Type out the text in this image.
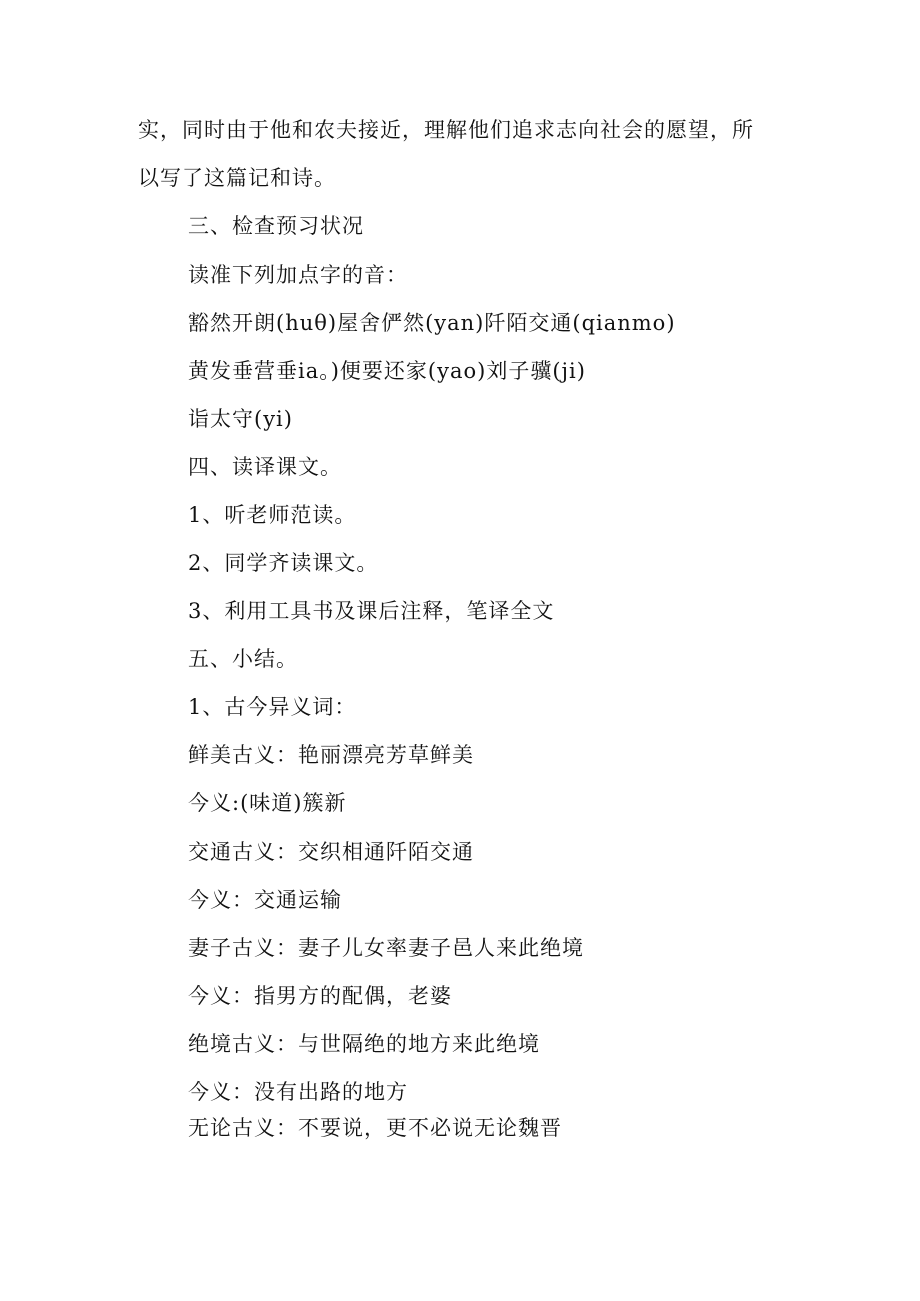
实，同时由于他和农夫接近，理解他们追求志向社会的愿望，所
以写了这篇记和诗。
三、检查预习状况
读准下列加点字的音：
豁然开朗(huθ)屋舍俨然(yan)阡陌交通(qianmo)
黄发垂营垂ia。)便要还家(yao)刘子骥(ji)
诣太守(yi)
四、读译课文。
1、听老师范读。
2、同学齐读课文。
3、利用工具书及课后注释，笔译全文
五、小结。
1、古今异义词：
鲜美古义：艳丽漂亮芳草鲜美
今义:(味道)簇新
交通古义：交织相通阡陌交通
今义：交通运输
妻子古义：妻子儿女率妻子邑人来此绝境
今义：指男方的配偶，老婆
绝境古义：与世隔绝的地方来此绝境
今义：没有出路的地方
无论古义：不要说，更不必说无论魏晋
